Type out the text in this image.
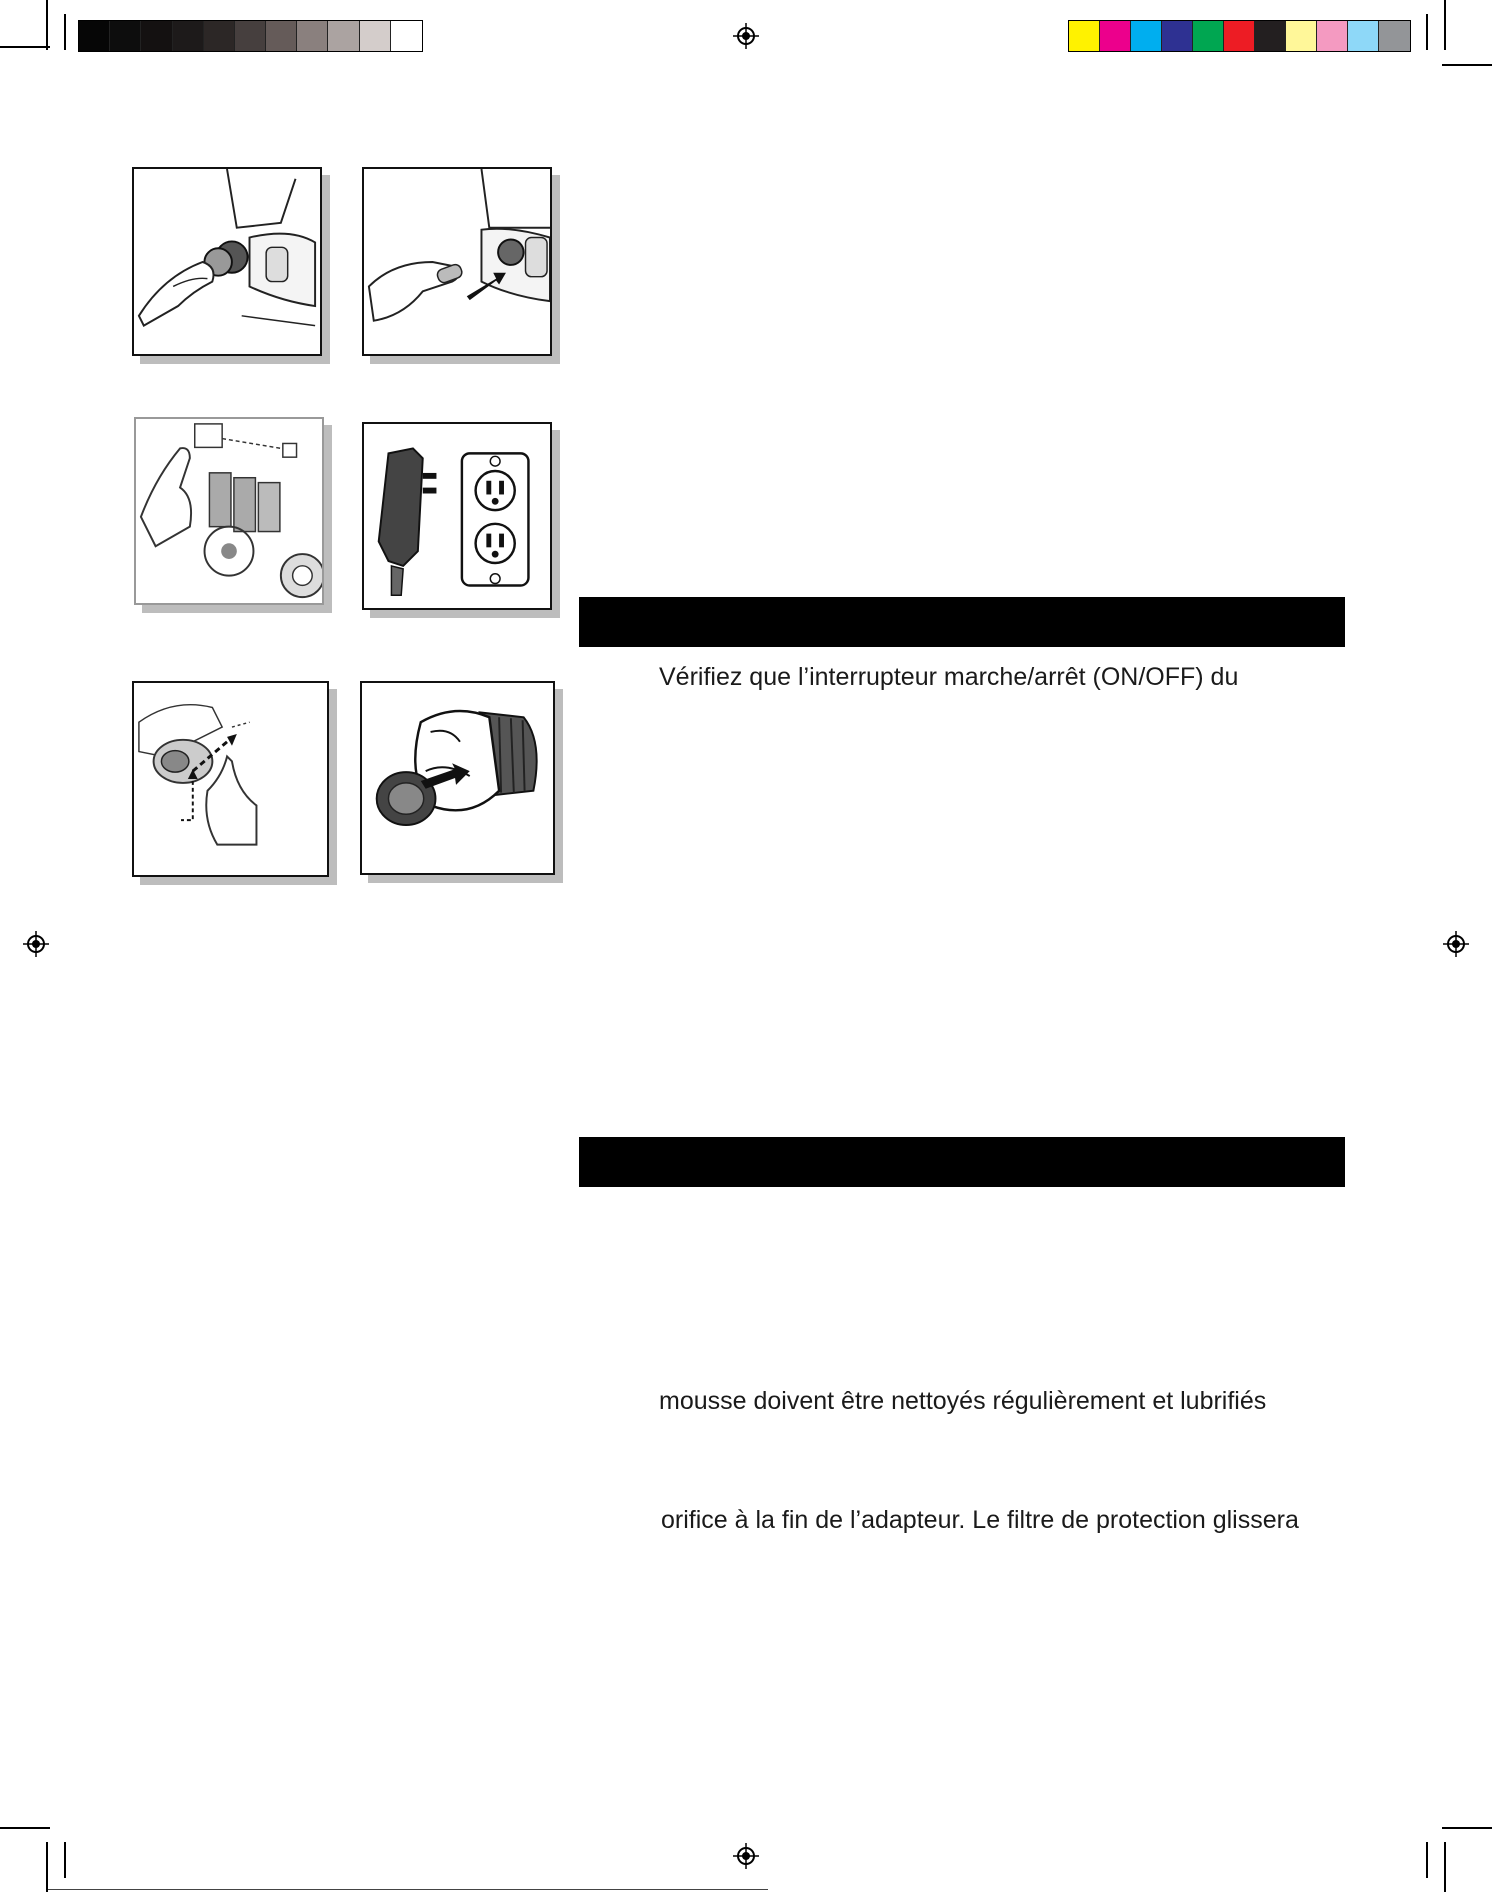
Vérifiez que l’interrupteur marche/arrêt (ON/OFF) du
mousse doivent être nettoyés régulièrement et lubrifiés
orifice à la fin de l’adapteur. Le filtre de protection glissera
